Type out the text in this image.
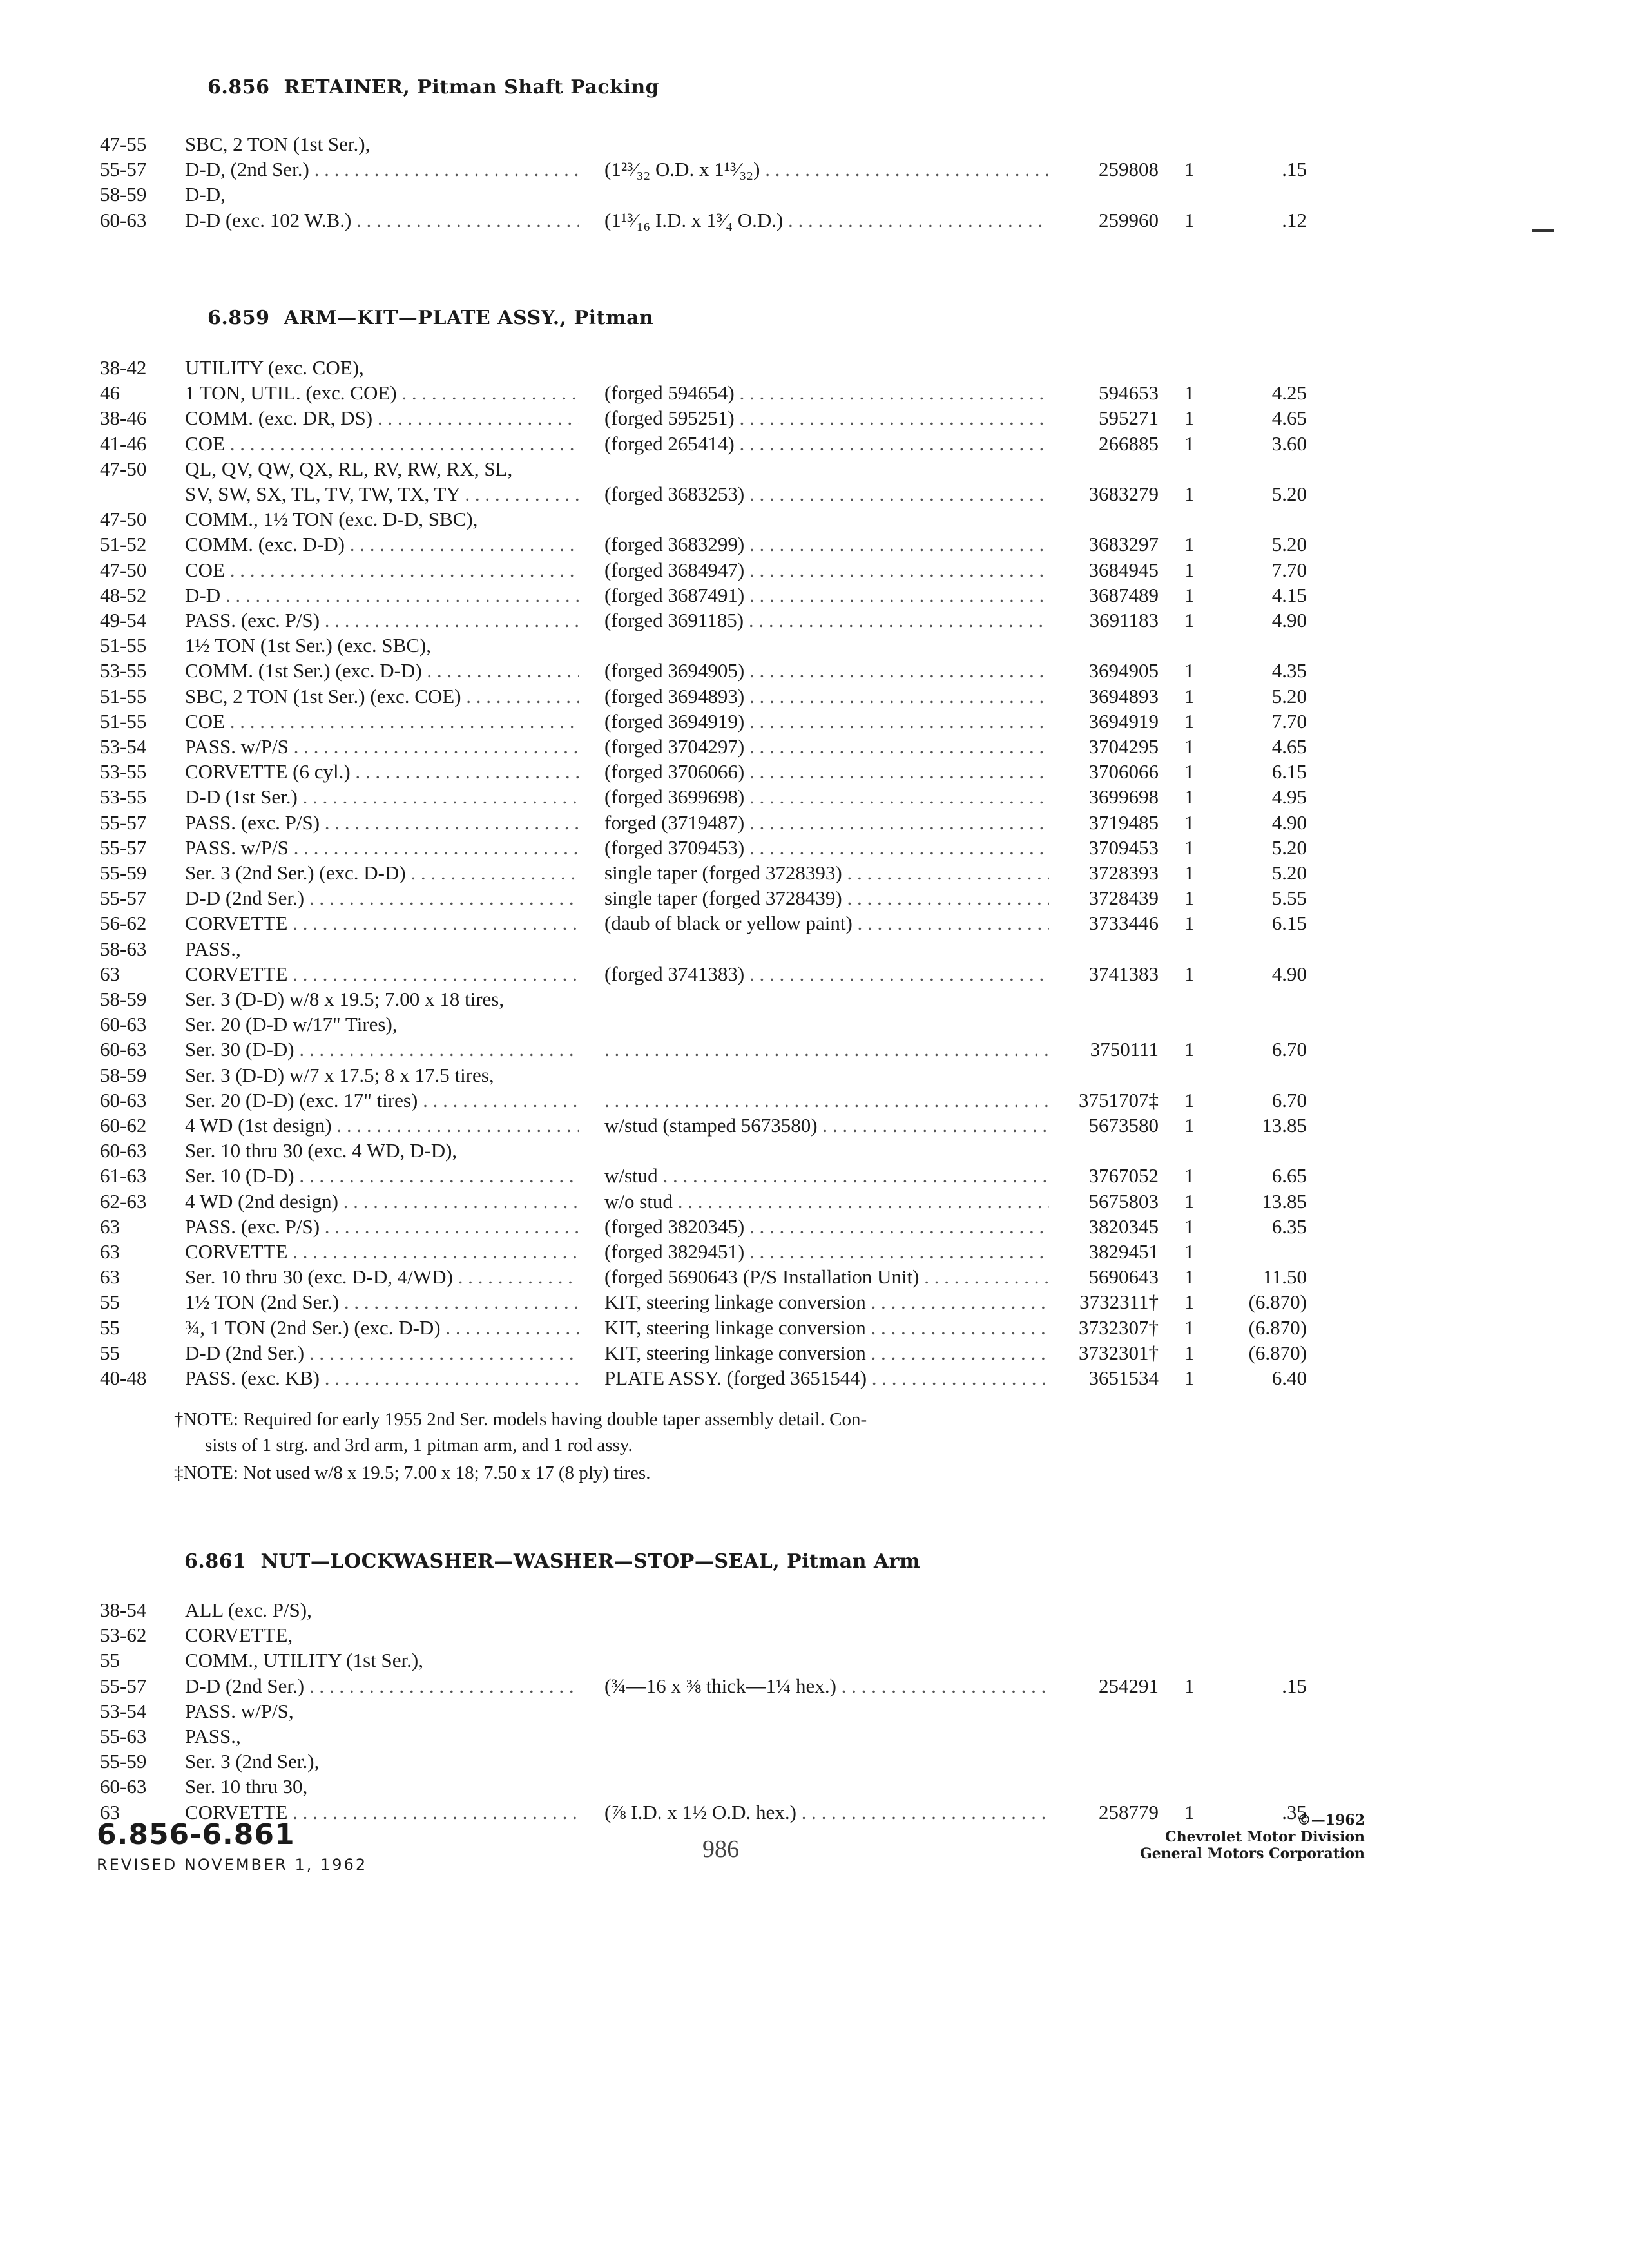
6.856 RETAINER, Pitman Shaft Packing
47-55	SBC, 2 TON (1st Ser.),
55-57	D-D, (2nd Ser.) . . .	(1²³⁄₃₂ O.D. x 1¹³⁄₃₂) . . .	259808 1	.15
58-59	D-D,
60-63	D-D (exc. 102 W.B.) . . .	(1¹³⁄₁₆ I.D. x 1³⁄₄ O.D.) . . .	259960 1	.12
6.859 ARM—KIT—PLATE ASSY., Pitman
38-42	UTILITY (exc. COE),
46	1 TON, UTIL. (exc. COE) . . .	(forged 594654) . . .	594653 1	4.25
38-46	COMM. (exc. DR, DS) . . .	(forged 595251) . . .	595271 1	4.65
41-46	COE . . .	(forged 265414) . . .	266885 1	3.60
47-50	QL, QV, QW, QX, RL, RV, RW, RX, SL,
SV, SW, SX, TL, TV, TW, TX, TY . . .	(forged 3683253) . . .	3683279 1	5.20
47-50	COMM., 1½ TON (exc. D-D, SBC),
51-52	COMM. (exc. D-D) . . .	(forged 3683299) . . .	3683297 1	5.20
47-50	COE . . .	(forged 3684947) . . .	3684945 1	7.70
48-52	D-D . . .	(forged 3687491) . . .	3687489 1	4.15
49-54	PASS. (exc. P/S) . . .	(forged 3691185) . . .	3691183 1	4.90
51-55	1½ TON (1st Ser.) (exc. SBC),
53-55	COMM. (1st Ser.) (exc. D-D) . . .	(forged 3694905) . . .	3694905 1	4.35
51-55	SBC, 2 TON (1st Ser.) (exc. COE) . . .	(forged 3694893) . . .	3694893 1	5.20
51-55	COE . . .	(forged 3694919) . . .	3694919 1	7.70
53-54	PASS. w/P/S . . .	(forged 3704297) . . .	3704295 1	4.65
53-55	CORVETTE (6 cyl.) . . .	(forged 3706066) . . .	3706066 1	6.15
53-55	D-D (1st Ser.) . . .	(forged 3699698) . . .	3699698 1	4.95
55-57	PASS. (exc. P/S) . . .	forged (3719487) . . .	3719485 1	4.90
55-57	PASS. w/P/S . . .	(forged 3709453) . . .	3709453 1	5.20
55-59	Ser. 3 (2nd Ser.) (exc. D-D) . . .	single taper (forged 3728393) . . .	3728393 1	5.20
55-57	D-D (2nd Ser.) . . .	single taper (forged 3728439) . . .	3728439 1	5.55
56-62	CORVETTE . . .	(daub of black or yellow paint) . . .	3733446 1	6.15
58-63	PASS.,
63	CORVETTE . . .	(forged 3741383) . . .	3741383 1	4.90
58-59	Ser. 3 (D-D) w/8 x 19.5; 7.00 x 18 tires,
60-63	Ser. 20 (D-D w/17" Tires),
60-63	Ser. 30 (D-D) . . . . . .	3750111 1	6.70
58-59	Ser. 3 (D-D) w/7 x 17.5; 8 x 17.5 tires,
60-63	Ser. 20 (D-D) (exc. 17" tires) . . . . . .	3751707‡ 1	6.70
60-62	4 WD (1st design) . . .	w/stud (stamped 5673580) . . .	5673580 1	13.85
60-63	Ser. 10 thru 30 (exc. 4 WD, D-D),
61-63	Ser. 10 (D-D) . . .	w/stud . . .	3767052 1	6.65
62-63	4 WD (2nd design) . . .	w/o stud . . .	5675803 1	13.85
63	PASS. (exc. P/S) . . .	(forged 3820345) . . .	3820345 1	6.35
63	CORVETTE . . .	(forged 3829451) . . .	3829451 1
63	Ser. 10 thru 30 (exc. D-D, 4/WD) . . .	(forged 5690643 (P/S Installation Unit) . . .	5690643 1	11.50
55	1½ TON (2nd Ser.) . . .	KIT, steering linkage conversion . . .	3732311† 1	(6.870)
55	¾, 1 TON (2nd Ser.) (exc. D-D) . . .	KIT, steering linkage conversion . . .	3732307† 1	(6.870)
55	D-D (2nd Ser.) . . .	KIT, steering linkage conversion . . .	3732301† 1	(6.870)
40-48	PASS. (exc. KB) . . .	PLATE ASSY. (forged 3651544) . . .	3651534 1	6.40
†NOTE: Required for early 1955 2nd Ser. models having double taper assembly detail. Con-
sists of 1 strg. and 3rd arm, 1 pitman arm, and 1 rod assy.
‡NOTE: Not used w/8 x 19.5; 7.00 x 18; 7.50 x 17 (8 ply) tires.
6.861 NUT—LOCKWASHER—WASHER—STOP—SEAL, Pitman Arm
38-54	ALL (exc. P/S),
53-62	CORVETTE,
55	COMM., UTILITY (1st Ser.),
55-57	D-D (2nd Ser.) . . .	(¾—16 x ⅜ thick—1¼ hex.) . . .	254291 1	.15
53-54	PASS. w/P/S,
55-63	PASS.,
55-59	Ser. 3 (2nd Ser.),
60-63	Ser. 10 thru 30,
63	CORVETTE . . .	(⅞ I.D. x 1½ O.D. hex.) . . .	258779 1	.35
6.856-6.861
REVISED NOVEMBER 1, 1962
986
©—1962
Chevrolet Motor Division
General Motors Corporation
